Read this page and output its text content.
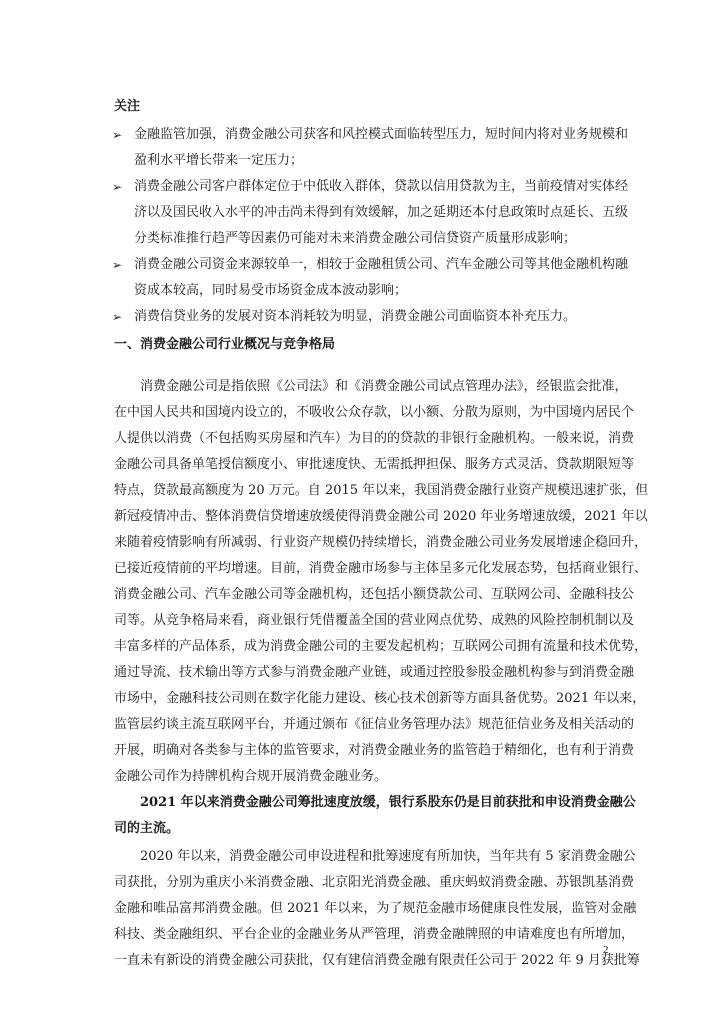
关注
➢ 金融监管加强，消费金融公司获客和风控模式面临转型压力，短时间内将对业务规模和
盈利水平增长带来一定压力；
➢ 消费金融公司客户群体定位于中低收入群体，贷款以信用贷款为主，当前疫情对实体经
济以及国民收入水平的冲击尚未得到有效缓解，加之延期还本付息政策时点延长、五级
分类标准推行趋严等因素仍可能对未来消费金融公司信贷资产质量形成影响；
➢ 消费金融公司资金来源较单一，相较于金融租赁公司、汽车金融公司等其他金融机构融
资成本较高，同时易受市场资金成本波动影响；
➢ 消费信贷业务的发展对资本消耗较为明显，消费金融公司面临资本补充压力。
一、消费金融公司行业概况与竞争格局
消费金融公司是指依照《公司法》和《消费金融公司试点管理办法》，经银监会批准，
在中国人民共和国境内设立的，不吸收公众存款，以小额、分散为原则，为中国境内居民个
人提供以消费（不包括购买房屋和汽车）为目的的贷款的非银行金融机构。一般来说，消费
金融公司具备单笔授信额度小、审批速度快、无需抵押担保、服务方式灵活、贷款期限短等
特点，贷款最高额度为 20 万元。自 2015 年以来，我国消费金融行业资产规模迅速扩张，但
新冠疫情冲击、整体消费信贷增速放缓使得消费金融公司 2020 年业务增速放缓，2021 年以
来随着疫情影响有所减弱、行业资产规模仍持续增长，消费金融公司业务发展增速企稳回升，
已接近疫情前的平均增速。目前，消费金融市场参与主体呈多元化发展态势，包括商业银行、
消费金融公司、汽车金融公司等金融机构，还包括小额贷款公司、互联网公司、金融科技公
司等。从竞争格局来看，商业银行凭借覆盖全国的营业网点优势、成熟的风险控制机制以及
丰富多样的产品体系，成为消费金融公司的主要发起机构；互联网公司拥有流量和技术优势，
通过导流、技术输出等方式参与消费金融产业链，或通过控股参股金融机构参与到消费金融
市场中，金融科技公司则在数字化能力建设、核心技术创新等方面具备优势。2021 年以来，
监管层约谈主流互联网平台，并通过颁布《征信业务管理办法》规范征信业务及相关活动的
开展，明确对各类参与主体的监管要求，对消费金融业务的监管趋于精细化，也有利于消费
金融公司作为持牌机构合规开展消费金融业务。
2021 年以来消费金融公司筹批速度放缓，银行系股东仍是目前获批和申设消费金融公
司的主流。
2020 年以来，消费金融公司申设进程和批筹速度有所加快，当年共有 5 家消费金融公
司获批，分别为重庆小米消费金融、北京阳光消费金融、重庆蚂蚁消费金融、苏银凯基消费
金融和唯品富邦消费金融。但 2021 年以来，为了规范金融市场健康良性发展，监管对金融
科技、类金融组织、平台企业的金融业务从严管理，消费金融牌照的申请难度也有所增加，
一直未有新设的消费金融公司获批，仅有建信消费金融有限责任公司于 2022 年 9 月获批筹
2
